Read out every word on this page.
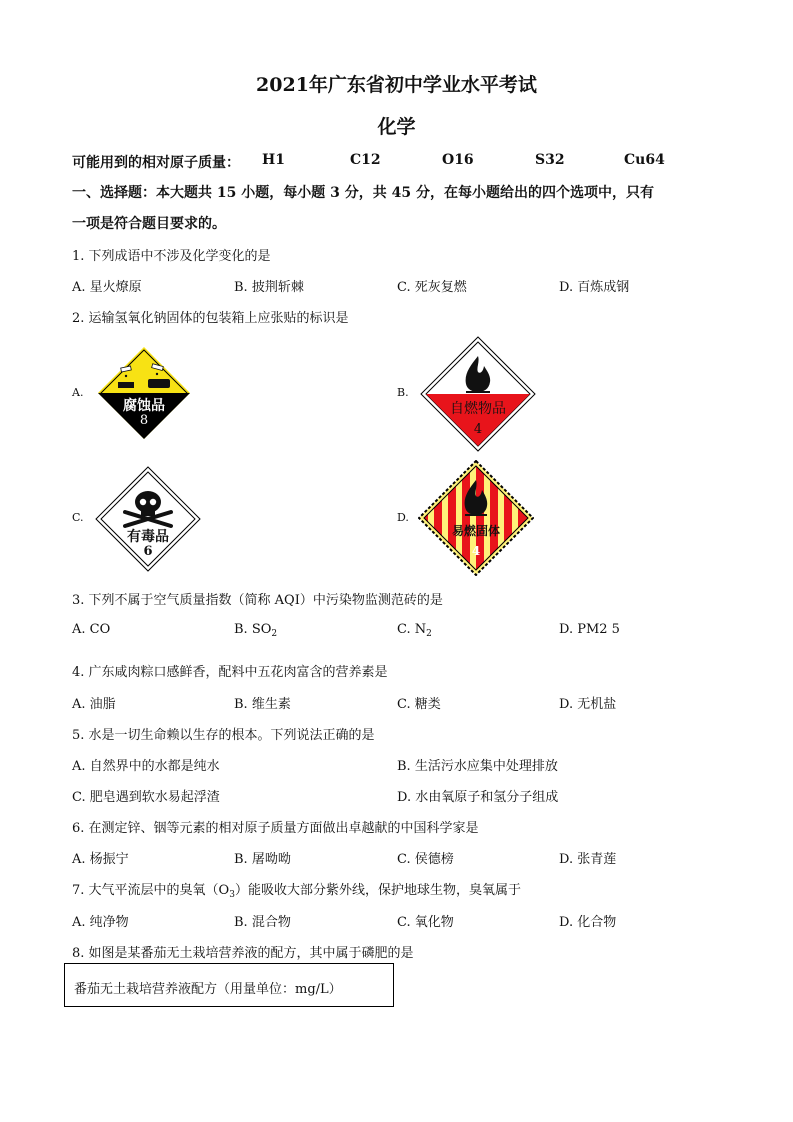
2021年广东省初中学业水平考试
化学
可能用到的相对原子质量： H1	C12	O16	S32	Cu64
一、选择题：本大题共 15 小题，每小题 3 分，共 45 分，在每小题给出的四个选项中，只有
一项是符合题目要求的。
1. 下列成语中不涉及化学变化的是
A. 星火燎原	B. 披荆斩棘	C. 死灰复燃	D. 百炼成钢
2. 运输氢氧化钠固体的包装箱上应张贴的标识是
A.
腐蚀品
8
B.
自燃物品
4
C.
有毒品
6
D.
易燃固体
4
3. 下列不属于空气质量指数（简称 AQI）中污染物监测范砖的是
A. CO	B. $SO_2$	C. $N_2$	D. PM2 5
4. 广东咸肉粽口感鲜香，配料中五花肉富含的营养素是
A. 油脂	B. 维生素	C. 糖类	D. 无机盐
5. 水是一切生命赖以生存的根本。下列说法正确的是
A. 自然界中的水都是纯水	B. 生活污水应集中处理排放
C. 肥皂遇到软水易起浮渣	D. 水由氧原子和氢分子组成
6. 在测定锌、铟等元素的相对原子质量方面做出卓越献的中国科学家是
A. 杨振宁	B. 屠呦呦	C. 侯德榜	D. 张青莲
7. 大气平流层中的臭氧$(O_3)$能吸收大部分紫外线，保护地球生物，臭氧属于
A. 纯净物	B. 混合物	C. 氧化物	D. 化合物
8. 如图是某番茄无土栽培营养液的配方，其中属于磷肥的是
番茄无土栽培营养液配方（用量单位：mg/L）
